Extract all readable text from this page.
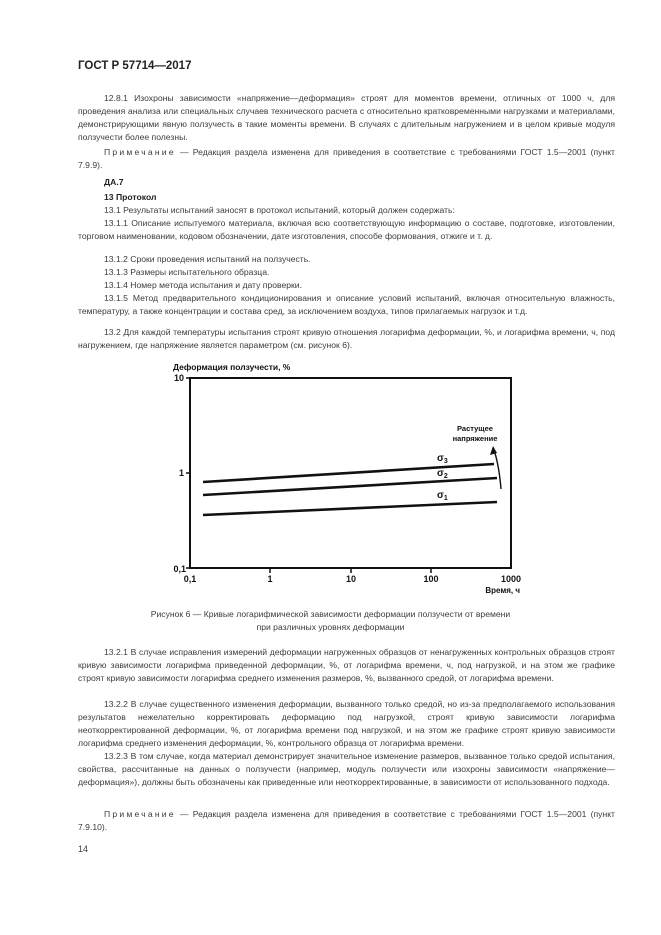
ГОСТ Р 57714—2017
12.8.1 Изохроны зависимости «напряжение—деформация» строят для моментов времени, отличных от 1000 ч, для проведения анализа или специальных случаев технического расчета с относительно кратковременными нагрузками и материалами, демонстрирующими явную ползучесть в такие моменты времени. В случаях с длительным нагружением и в целом кривые модуля ползучести более полезны.
Примечание — Редакция раздела изменена для приведения в соответствие с требованиями ГОСТ 1.5—2001 (пункт 7.9.9).
ДА.7
13 Протокол
13.1 Результаты испытаний заносят в протокол испытаний, который должен содержать:
13.1.1 Описание испытуемого материала, включая всю соответствующую информацию о составе, подготовке, изготовлении, торговом наименовании, кодовом обозначении, дате изготовления, способе формования, отжиге и т. д.
13.1.2 Сроки проведения испытаний на ползучесть.
13.1.3 Размеры испытательного образца.
13.1.4 Номер метода испытания и дату проверки.
13.1.5 Метод предварительного кондиционирования и описание условий испытаний, включая относительную влажность, температуру, а также концентрации и состава сред, за исключением воздуха, типов прилагаемых нагрузок и т.д.
13.2 Для каждой температуры испытания строят кривую отношения логарифма деформации, %, и логарифма времени, ч, под нагружением, где напряжение является параметром (см. рисунок 6).
Деформация ползучести, %
10
1
0,1
0,1	1	10	100	1000
Время, ч
$\sigma_3$
$\sigma_2$
$\sigma_1$
Растущее
напряжение
Рисунок 6 — Кривые логарифмической зависимости деформации ползучести от времени
при различных уровнях деформации
13.2.1 В случае исправления измерений деформации нагруженных образцов от ненагруженных контрольных образцов строят кривую зависимости логарифма приведенной деформации, %, от логарифма времени, ч, под нагрузкой, и на этом же графике строят кривую зависимости логарифма среднего изменения размеров, %, вызванного средой, от логарифма времени.
13.2.2 В случае существенного изменения деформации, вызванного только средой, но из-за предполагаемого использования результатов нежелательно корректировать деформацию под нагрузкой, строят кривую зависимости логарифма неоткорректированной деформации, %, от логарифма времени под нагрузкой, и на этом же графике строят кривую зависимости логарифма среднего изменения деформации, %, контрольного образца от логарифма времени.
13.2.3 В том случае, когда материал демонстрирует значительное изменение размеров, вызванное только средой испытания, свойства, рассчитанные на данных о ползучести (например, модуль ползучести или изохроны зависимости «напряжение—деформация»), должны быть обозначены как приведенные или неоткорректированные, в зависимости от использованного подхода.
Примечание — Редакция раздела изменена для приведения в соответствие с требованиями ГОСТ 1.5—2001 (пункт 7.9.10).
14
